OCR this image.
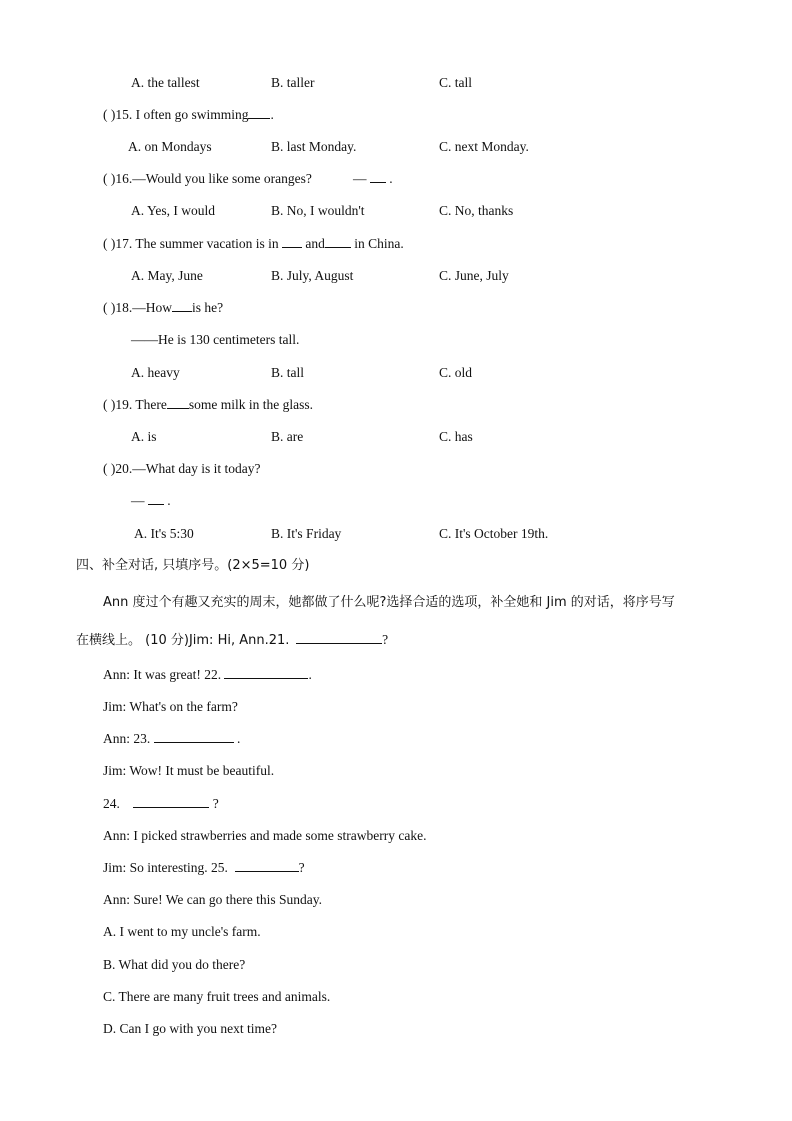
A. the tallest	B. taller	C. tall
( )15. I often go swimming .
A. on Mondays	B. last Monday.	C. next Monday.
( )16.—Would you like some oranges?	— .
A. Yes, I would	B. No, I wouldn't	C. No, thanks
( )17. The summer vacation is in and in China.
A. May, June	B. July, August	C. June, July
( )18.—How is he?
——He is 130 centimeters tall.
A. heavy	B. tall	C. old
( )19. There some milk in the glass.
A. is	B. are	C. has
( )20.—What day is it today?
— .
A. It's 5:30	B. It's Friday	C. It's October 19th.
四、补全对话, 只填序号。(2×5=10 分)
Ann 度过个有趣又充实的周末，她都做了什么呢?选择合适的选项，补全她和 Jim 的对话，将序号写
在横线上。 (10 分)Jim: Hi, Ann.21.	?
Ann: It was great! 22.	.
Jim: What's on the farm?
Ann: 23.	.
Jim: Wow! It must be beautiful.
24.	?
Ann: I picked strawberries and made some strawberry cake.
Jim: So interesting. 25.	?
Ann: Sure! We can go there this Sunday.
A. I went to my uncle's farm.
B. What did you do there?
C. There are many fruit trees and animals.
D. Can I go with you next time?
